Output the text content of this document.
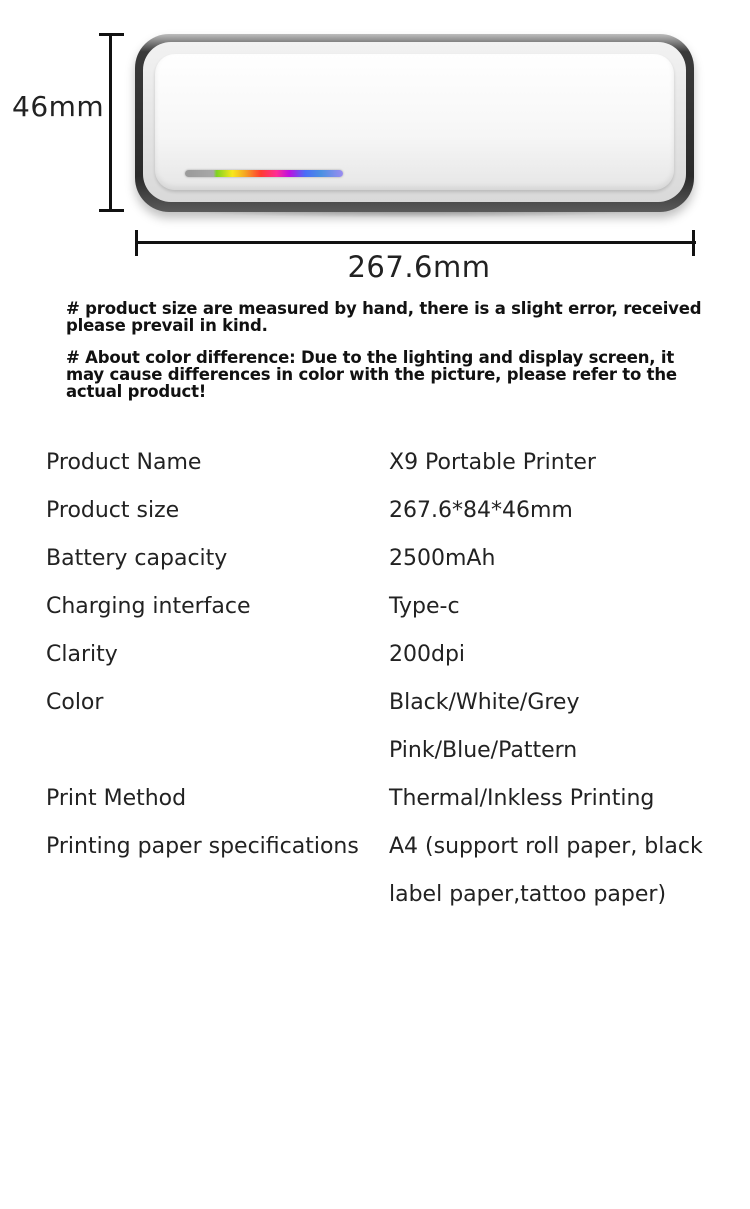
46mm
267.6mm
# product size are measured by hand, there is a slight error, received please prevail in kind.
# About color difference: Due to the lighting and display screen, it may cause differences in color with the picture, please refer to the actual product!
Product Name	X9 Portable Printer
Product size	267.6*84*46mm
Battery capacity	2500mAh
Charging interface	Type-c
Clarity	200dpi
Color	Black/White/Grey
Pink/Blue/Pattern
Print Method	Thermal/Inkless Printing
Printing paper specifications	A4 (support roll paper, black
label paper,tattoo paper)
